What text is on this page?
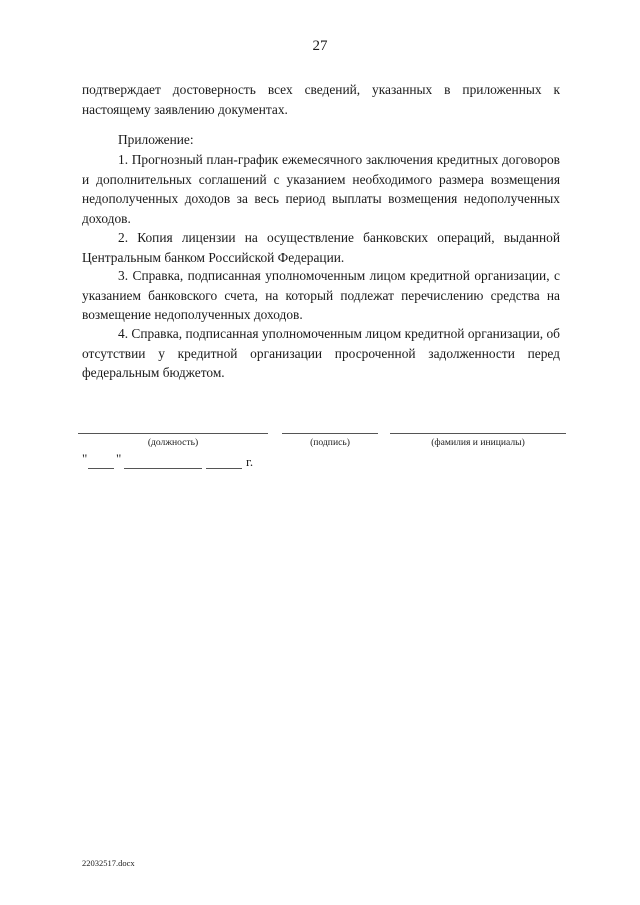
27

подтверждает достоверность всех сведений, указанных в приложенных к настоящему заявлению документах.

Приложение:

1. Прогнозный план-график ежемесячного заключения кредитных договоров и дополнительных соглашений с указанием необходимого размера возмещения недополученных доходов за весь период выплаты возмещения недополученных доходов.

2. Копия лицензии на осуществление банковских операций, выданной Центральным банком Российской Федерации.

3. Справка, подписанная уполномоченным лицом кредитной организации, с указанием банковского счета, на который подлежат перечислению средства на возмещение недополученных доходов.

4. Справка, подписанная уполномоченным лицом кредитной организации, об отсутствии у кредитной организации просроченной задолженности перед федеральным бюджетом.

(должность)	(подпись)	(фамилия и инициалы)
" "	г.
22032517.docx
